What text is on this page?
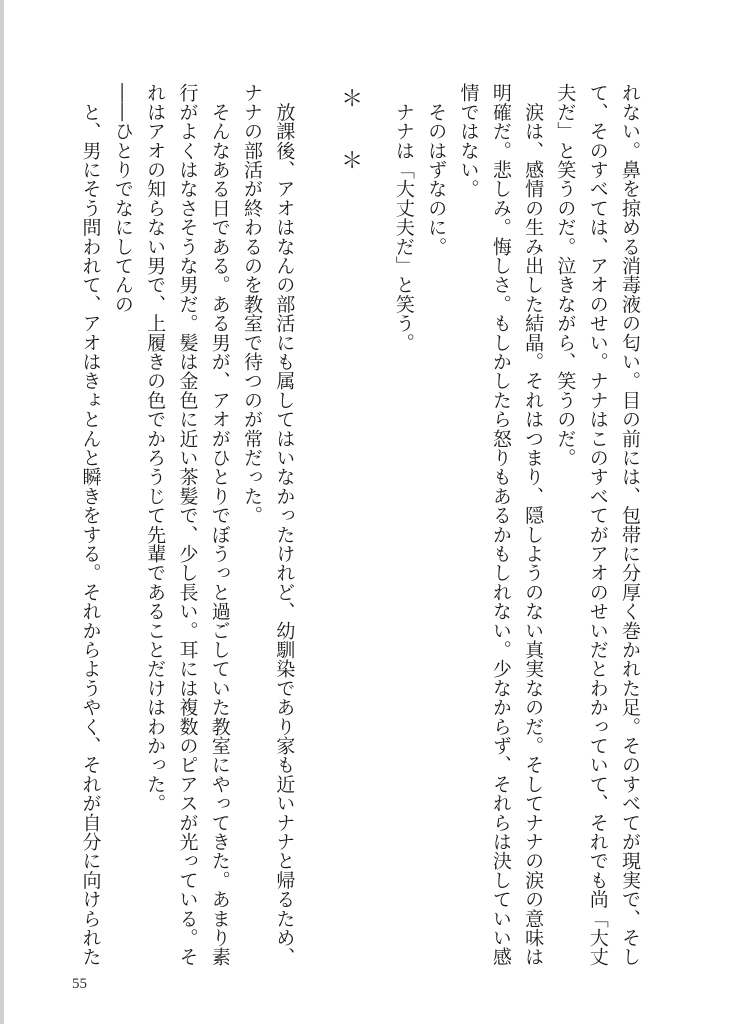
れない。鼻を掠める消毒液の匂い。目の前には、包帯に分厚く巻かれた足。そのすべてが現実で、そし

て、そのすべては、アオのせい。ナナはこのすべてがアオのせいだとわかっていて、それでも尚「大丈

夫だ」と笑うのだ。泣きながら、笑うのだ。

　涙は、感情の生み出した結晶。それはつまり、隠しようのない真実なのだ。そしてナナの涙の意味は

明確だ。悲しみ。悔しさ。もしかしたら怒りもあるかもしれない。少なからず、それらは決していい感

情ではない。

　そのはずなのに。

　ナナは「大丈夫だ」と笑う。

＊＊

　放課後、アオはなんの部活にも属してはいなかったけれど、幼馴染であり家も近いナナと帰るため、

ナナの部活が終わるのを教室で待つのが常だった。

　そんなある日である。ある男が、アオがひとりでぼうっと過ごしていた教室にやってきた。あまり素

行がよくはなさそうな男だ。髪は金色に近い茶髪で、少し長い。耳には複数のピアスが光っている。そ

れはアオの知らない男で、上履きの色でかろうじて先輩であることだけはわかった。

――ひとりでなにしてんの

　と、男にそう問われて、アオはきょとんと瞬きをする。それからようやく、それが自分に向けられた

55
